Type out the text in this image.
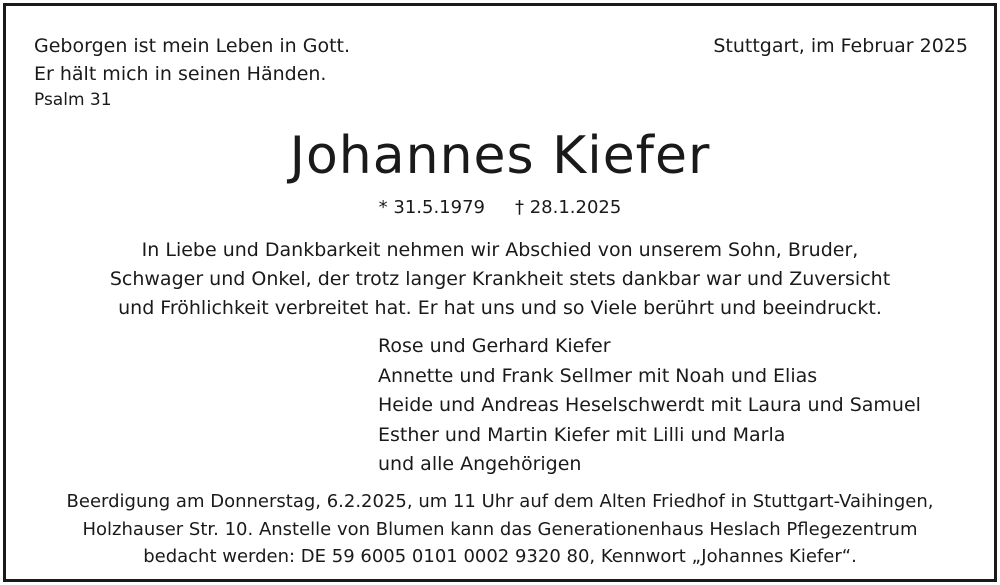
Geborgen ist mein Leben in Gott.
Er hält mich in seinen Händen.
Psalm 31
Stuttgart, im Februar 2025
Johannes Kiefer
* 31.5.1979 † 28.1.2025
In Liebe und Dankbarkeit nehmen wir Abschied von unserem Sohn, Bruder,
Schwager und Onkel, der trotz langer Krankheit stets dankbar war und Zuversicht
und Fröhlichkeit verbreitet hat. Er hat uns und so Viele berührt und beeindruckt.
Rose und Gerhard Kiefer
Annette und Frank Sellmer mit Noah und Elias
Heide und Andreas Heselschwerdt mit Laura und Samuel
Esther und Martin Kiefer mit Lilli und Marla
und alle Angehörigen
Beerdigung am Donnerstag, 6.2.2025, um 11 Uhr auf dem Alten Friedhof in Stuttgart-Vaihingen,
Holzhauser Str. 10. Anstelle von Blumen kann das Generationenhaus Heslach Pflegezentrum
bedacht werden: DE 59 6005 0101 0002 9320 80, Kennwort „Johannes Kiefer“.
